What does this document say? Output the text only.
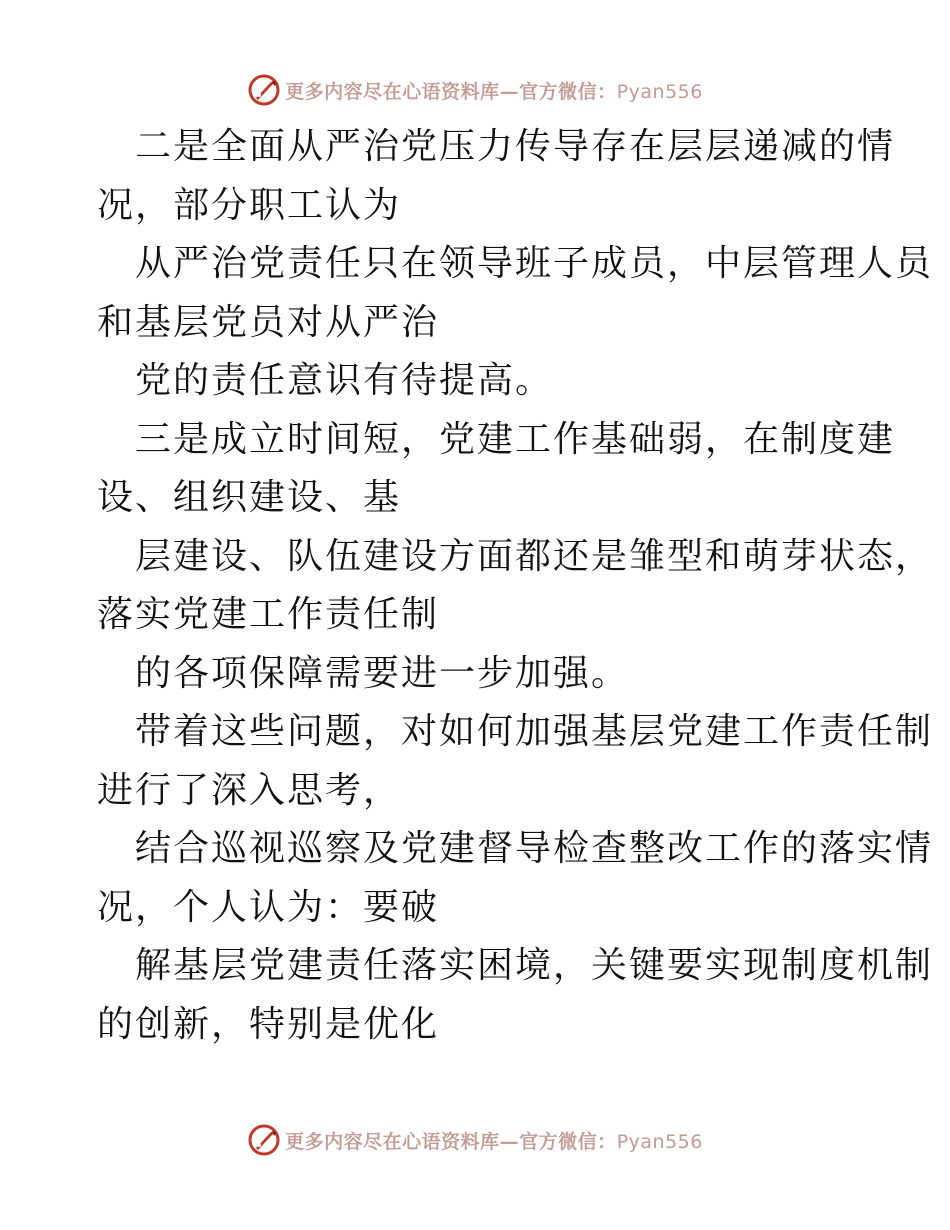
更多内容尽在心语资料库—官方微信：Pyan556
二是全面从严治党压力传导存在层层递减的情
况，部分职工认为
从严治党责任只在领导班子成员，中层管理人员
和基层党员对从严治
党的责任意识有待提高。
三是成立时间短，党建工作基础弱，在制度建
设、组织建设、基
层建设、队伍建设方面都还是雏型和萌芽状态，
落实党建工作责任制
的各项保障需要进一步加强。
带着这些问题，对如何加强基层党建工作责任制
进行了深入思考，
结合巡视巡察及党建督导检查整改工作的落实情
况，个人认为：要破
解基层党建责任落实困境，关键要实现制度机制
的创新，特别是优化
更多内容尽在心语资料库—官方微信：Pyan556
